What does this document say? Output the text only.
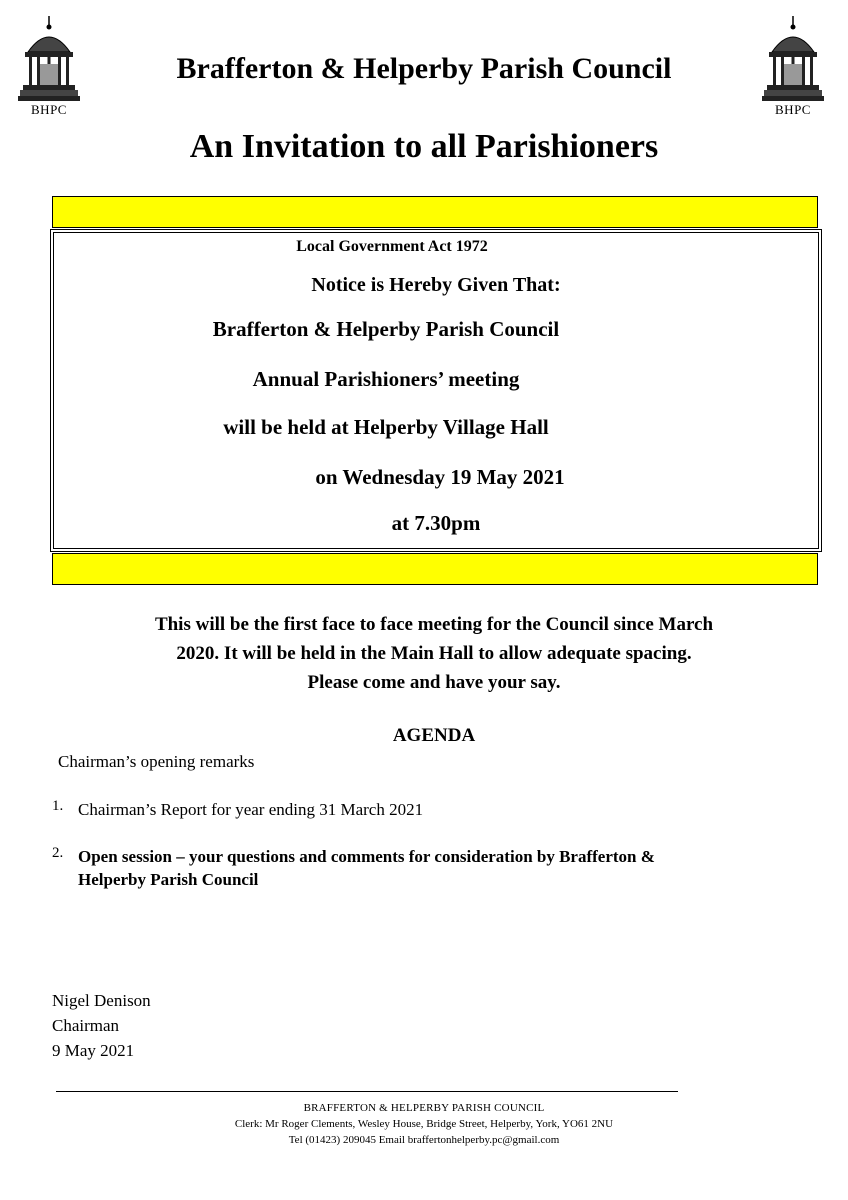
BHPC	BHPC
Brafferton & Helperby Parish Council
An Invitation to all Parishioners
Local Government Act 1972
Notice is Hereby Given That:
Brafferton & Helperby Parish Council
Annual Parishioners’ meeting
will be held at Helperby Village Hall
on Wednesday 19 May 2021
at 7.30pm
This will be the first face to face meeting for the Council since March
2020. It will be held in the Main Hall to allow adequate spacing.
Please come and have your say.
AGENDA
Chairman’s opening remarks
1. Chairman’s Report for year ending 31 March 2021
2. Open session – your questions and comments for consideration by Brafferton &
Helperby Parish Council
Nigel Denison
Chairman
9 May 2021
BRAFFERTON & HELPERBY PARISH COUNCIL
Clerk: Mr Roger Clements, Wesley House, Bridge Street, Helperby, York, YO61 2NU
Tel (01423) 209045 Email braffertonhelperby.pc@gmail.com
